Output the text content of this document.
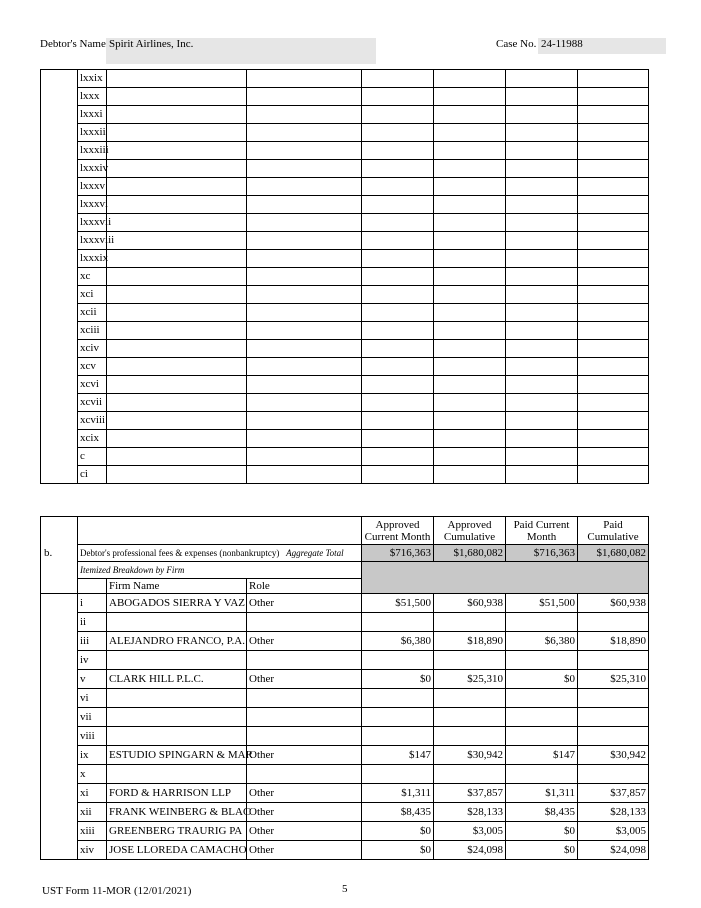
Debtor's Name Spirit Airlines, Inc.	Case No. 24-11988
	lxxix						
	lxxx						
	lxxxi						
	lxxxii						
	lxxxiii						
	lxxxiv						
	lxxxv						
	lxxxvi						
	lxxxvii						
	lxxxviii						
	lxxxix						
	xc						
	xci						
	xcii						
	xciii						
	xciv						
	xcv						
	xcvi						
	xcvii						
	xcviii						
	xcix						
	c						
	ci						
				Approved Current Month	Approved Cumulative	Paid Current Month	Paid Cumulative
	Debtor's professional fees & expenses (nonbankruptcy) Aggregate Total			$716,363	$1,680,082	$716,363	$1,680,082
	Itemized Breakdown by Firm						
		Firm Name	Role				
	i	ABOGADOS SIERRA Y VAZ	Other	$51,500	$60,938	$51,500	$60,938
	ii						
	iii	ALEJANDRO FRANCO, P.A.	Other	$6,380	$18,890	$6,380	$18,890
	iv						
	v	CLARK HILL P.L.C.	Other	$0	$25,310	$0	$25,310
	vi						
	vii						
	viii						
	ix	ESTUDIO SPINGARN & MAR	Other	$147	$30,942	$147	$30,942
	x						
	xi	FORD & HARRISON LLP	Other	$1,311	$37,857	$1,311	$37,857
	xii	FRANK WEINBERG & BLAC	Other	$8,435	$28,133	$8,435	$28,133
	xiii	GREENBERG TRAURIG PA	Other	$0	$3,005	$0	$3,005
	xiv	JOSE LLOREDA CAMACHO	Other	$0	$24,098	$0	$24,098
b.
UST Form 11-MOR (12/01/2021)	5
